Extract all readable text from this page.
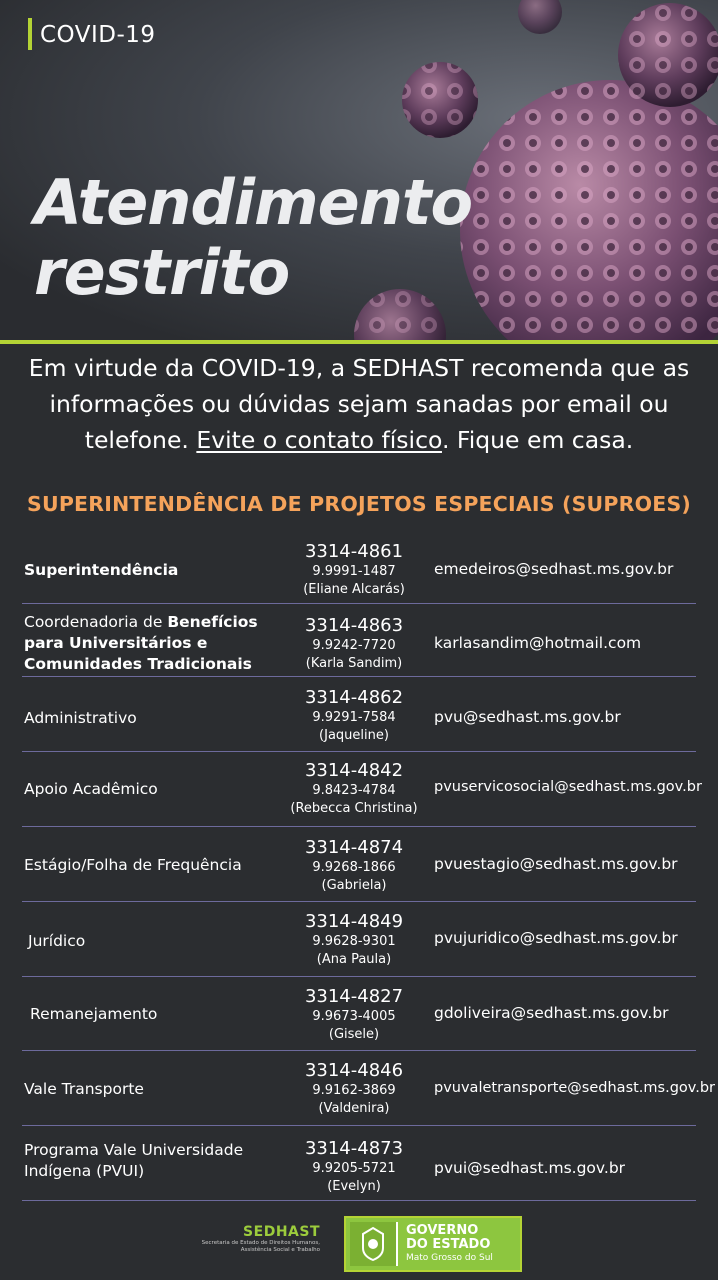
COVID-19
Atendimento
restrito
Em virtude da COVID-19, a SEDHAST recomenda que as informações ou dúvidas sejam sanadas por email ou telefone. Evite o contato físico. Fique em casa.
SUPERINTENDÊNCIA DE PROJETOS ESPECIAIS (SUPROES)
Superintendência
3314-4861
9.9991-1487
(Eliane Alcarás)
emedeiros@sedhast.ms.gov.br
Coordenadoria de Benefícios
para Universitários e
Comunidades Tradicionais
3314-4863
9.9242-7720
(Karla Sandim)
karlasandim@hotmail.com
Administrativo
3314-4862
9.9291-7584
(Jaqueline)
pvu@sedhast.ms.gov.br
Apoio Acadêmico
3314-4842
9.8423-4784
(Rebecca Christina)
pvuservicosocial@sedhast.ms.gov.br
Estágio/Folha de Frequência
3314-4874
9.9268-1866
(Gabriela)
pvuestagio@sedhast.ms.gov.br
Jurídico
3314-4849
9.9628-9301
(Ana Paula)
pvujuridico@sedhast.ms.gov.br
Remanejamento
3314-4827
9.9673-4005
(Gisele)
gdoliveira@sedhast.ms.gov.br
Vale Transporte
3314-4846
9.9162-3869
(Valdenira)
pvuvaletransporte@sedhast.ms.gov.br
Programa Vale Universidade
Indígena (PVUI)
3314-4873
9.9205-5721
(Evelyn)
pvui@sedhast.ms.gov.br
SEDHAST
Secretaria de Estado de Direitos Humanos,
Assistência Social e Trabalho
GOVERNO
DO ESTADO
Mato Grosso do Sul
